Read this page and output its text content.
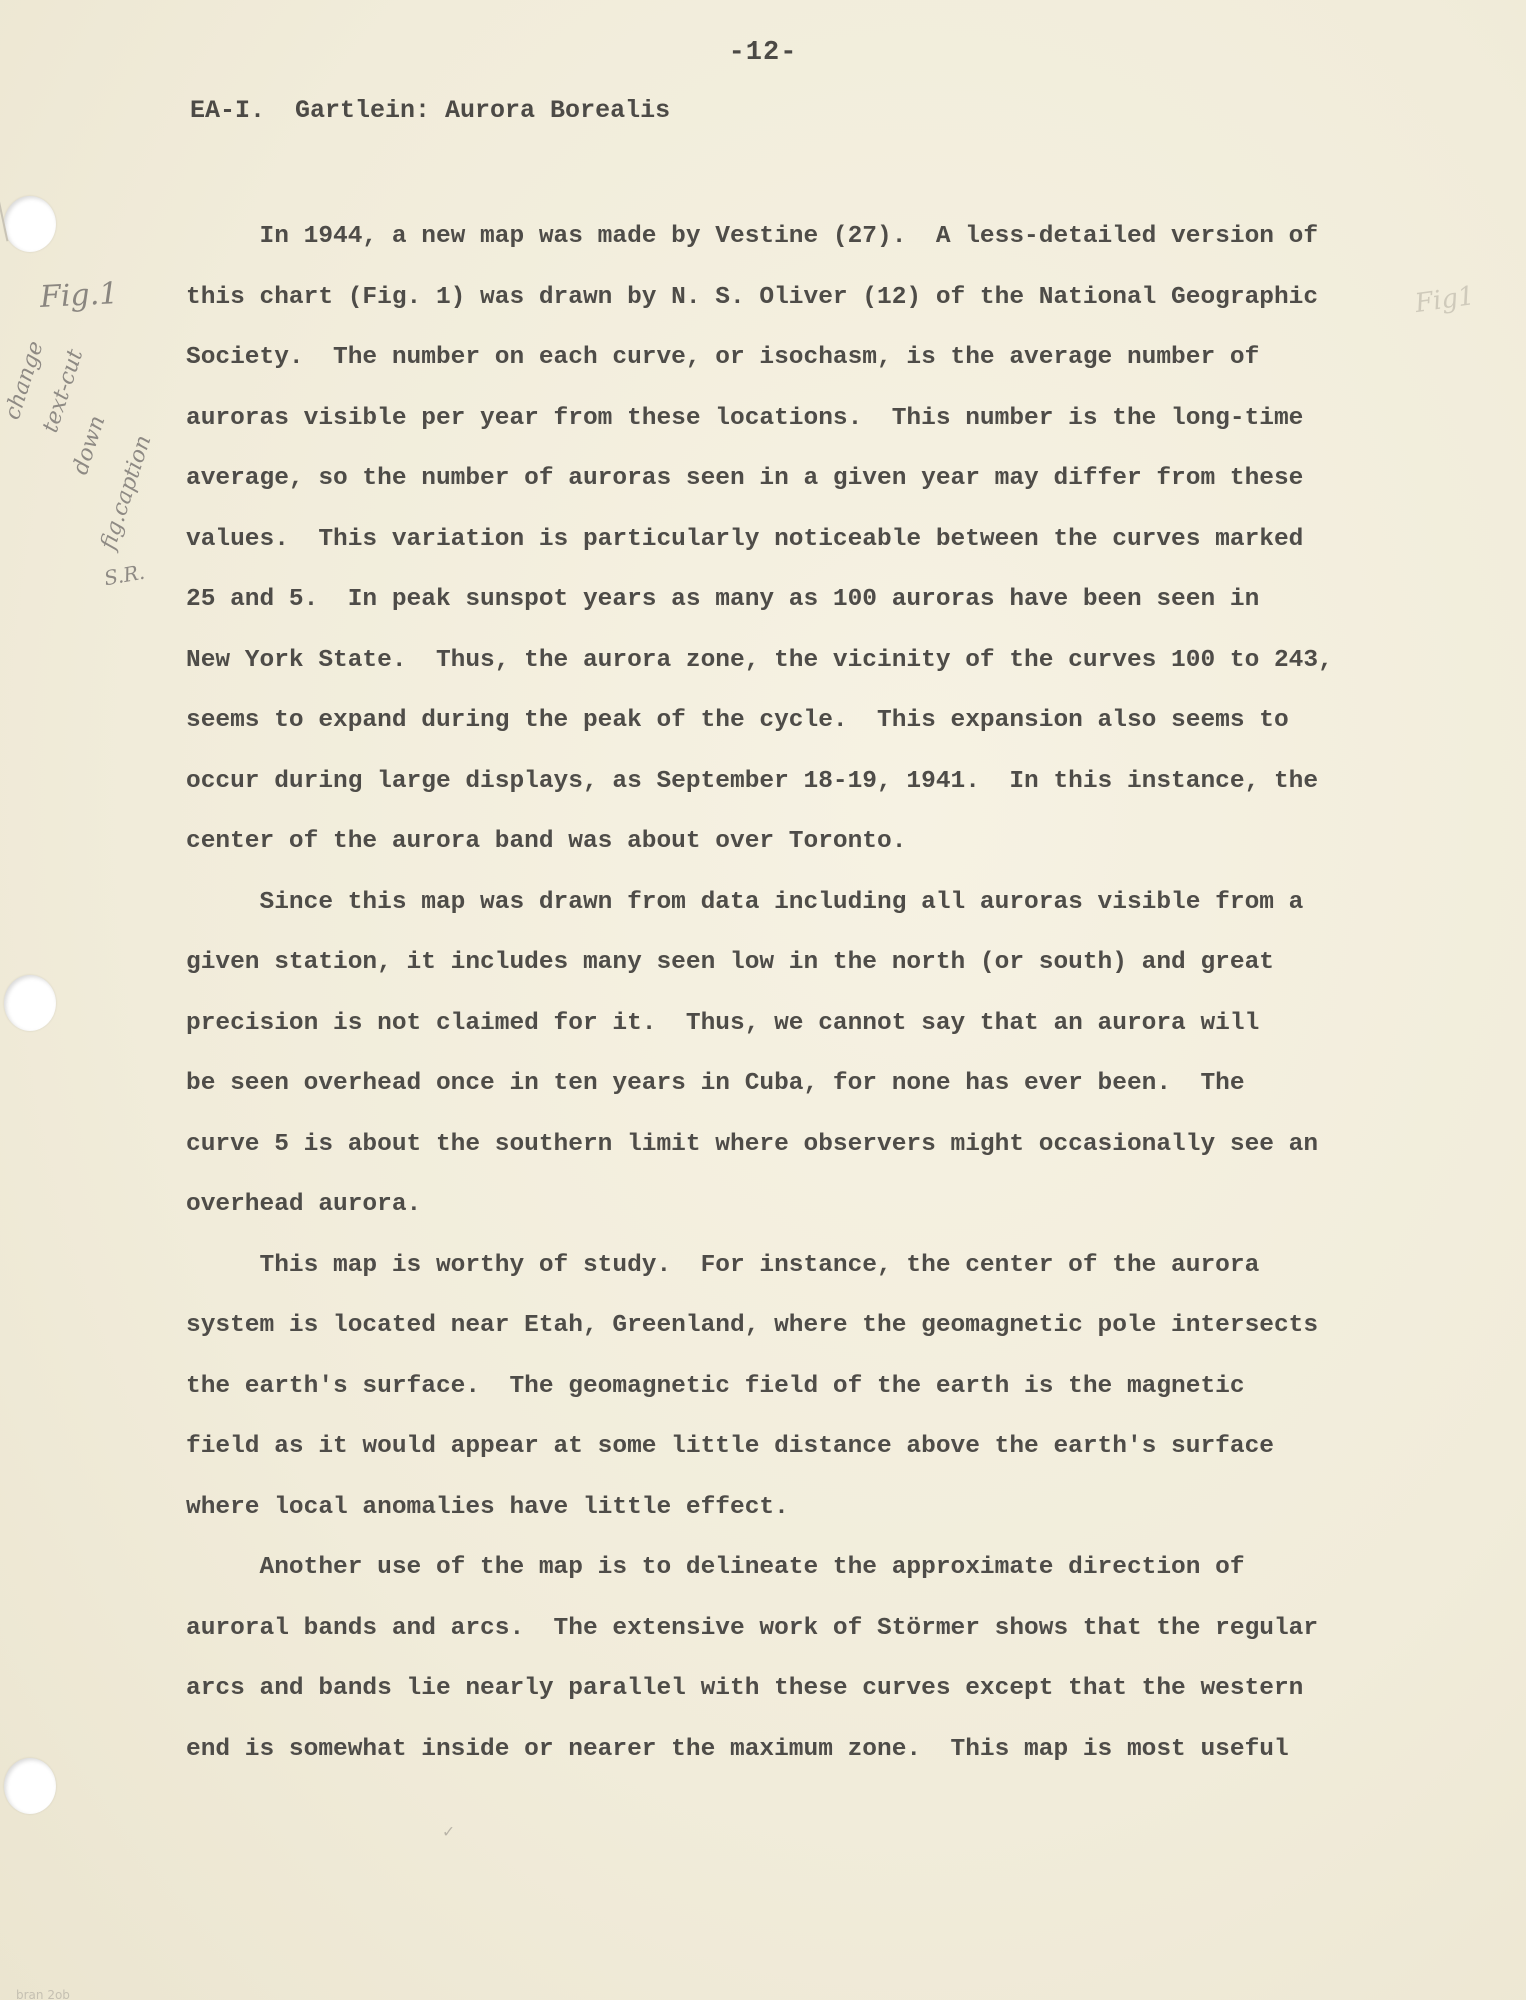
-12-
EA-I.  Gartlein: Aurora Borealis
Fig.1	Fig1
change
text-cut
down
fig.caption
S.R.
In 1944, a new map was made by Vestine (27).  A less-detailed version of
this chart (Fig. 1) was drawn by N. S. Oliver (12) of the National Geographic
Society.  The number on each curve, or isochasm, is the average number of
auroras visible per year from these locations.  This number is the long-time
average, so the number of auroras seen in a given year may differ from these
values.  This variation is particularly noticeable between the curves marked
25 and 5.  In peak sunspot years as many as 100 auroras have been seen in
New York State.  Thus, the aurora zone, the vicinity of the curves 100 to 243,
seems to expand during the peak of the cycle.  This expansion also seems to
occur during large displays, as September 18-19, 1941.  In this instance, the
center of the aurora band was about over Toronto.
Since this map was drawn from data including all auroras visible from a
given station, it includes many seen low in the north (or south) and great
precision is not claimed for it.  Thus, we cannot say that an aurora will
be seen overhead once in ten years in Cuba, for none has ever been.  The
curve 5 is about the southern limit where observers might occasionally see an
overhead aurora.
This map is worthy of study.  For instance, the center of the aurora
system is located near Etah, Greenland, where the geomagnetic pole intersects
the earth's surface.  The geomagnetic field of the earth is the magnetic
field as it would appear at some little distance above the earth's surface
where local anomalies have little effect.
Another use of the map is to delineate the approximate direction of
auroral bands and arcs.  The extensive work of Störmer shows that the regular
arcs and bands lie nearly parallel with these curves except that the western
end is somewhat inside or nearer the maximum zone.  This map is most useful
✓
bran 2ob
